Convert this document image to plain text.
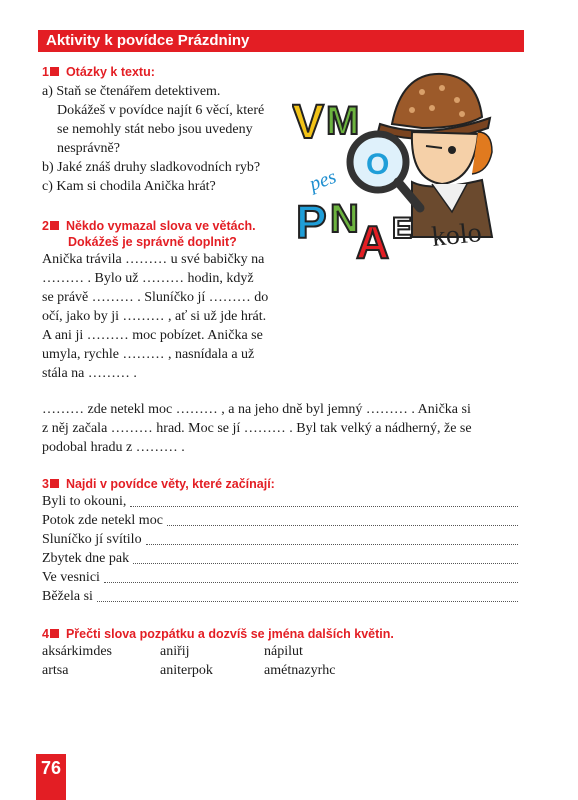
Aktivity k povídce Prázdniny
1 Otázky k textu:
a) Staň se čtenářem detektivem.
Dokážeš v povídce najít 6 věcí, které
se nemohly stát nebo jsou uvedeny
nesprávně?
b) Jaké znáš druhy sladkovodních ryb?
c) Kam si chodila Anička hrát?
O
V M
pes
P N
A E kolo
2 Někdo vymazal slova ve větách.
Dokážeš je správně doplnit?

Anička trávila ……… u své babičky na

……… . Bylo už ……… hodin, když

se právě ……… . Sluníčko jí ……… do

očí, jako by ji ……… , ať si už jde hrát.

A ani ji ……… moc pobízet. Anička se

umyla, rychle ……… , nasnídala a už

stála na ……… .

……… zde netekl moc ……… , a na jeho dně byl jemný ……… . Anička si

z něj začala ……… hrad. Moc se jí ……… . Byl tak velký a nádherný, že se

podobal hradu z ……… .

3 Najdi v povídce věty, které začínají:
Byli to okouni,
Potok zde netekl moc
Sluníčko jí svítilo
Zbytek dne pak
Ve vesnici
Běžela si
4 Přečti slova pozpátku a dozvíš se jména dalších květin.
aksárkimdes	aniřij	nápilut
artsa	aniterpok	amétnazyrhc
76
